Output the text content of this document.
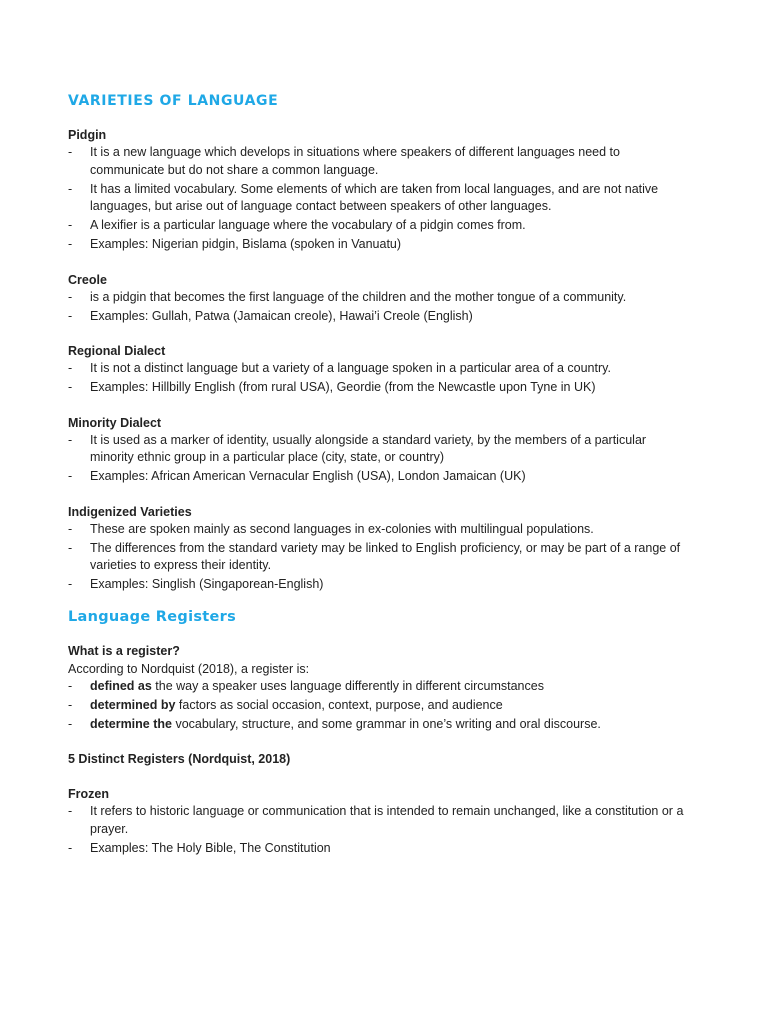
VARIETIES OF LANGUAGE
Pidgin
- It is a new language which develops in situations where speakers of different languages need to communicate but do not share a common language.
- It has a limited vocabulary. Some elements of which are taken from local languages, and are not native languages, but arise out of language contact between speakers of other languages.
- A lexifier is a particular language where the vocabulary of a pidgin comes from.
- Examples: Nigerian pidgin, Bislama (spoken in Vanuatu)
Creole
- is a pidgin that becomes the first language of the children and the mother tongue of a community.
- Examples: Gullah, Patwa (Jamaican creole), Hawai’i Creole (English)
Regional Dialect
- It is not a distinct language but a variety of a language spoken in a particular area of a country.
- Examples: Hillbilly English (from rural USA), Geordie (from the Newcastle upon Tyne in UK)
Minority Dialect
- It is used as a marker of identity, usually alongside a standard variety, by the members of a particular minority ethnic group in a particular place (city, state, or country)
- Examples: African American Vernacular English (USA), London Jamaican (UK)
Indigenized Varieties
- These are spoken mainly as second languages in ex-colonies with multilingual populations.
- The differences from the standard variety may be linked to English proficiency, or may be part of a range of varieties to express their identity.
- Examples: Singlish (Singaporean-English)
Language Registers
What is a register?
According to Nordquist (2018), a register is:
- defined as the way a speaker uses language differently in different circumstances
- determined by factors as social occasion, context, purpose, and audience
- determine the vocabulary, structure, and some grammar in one’s writing and oral discourse.
5 Distinct Registers (Nordquist, 2018)
Frozen
- It refers to historic language or communication that is intended to remain unchanged, like a constitution or a prayer.
- Examples: The Holy Bible, The Constitution
